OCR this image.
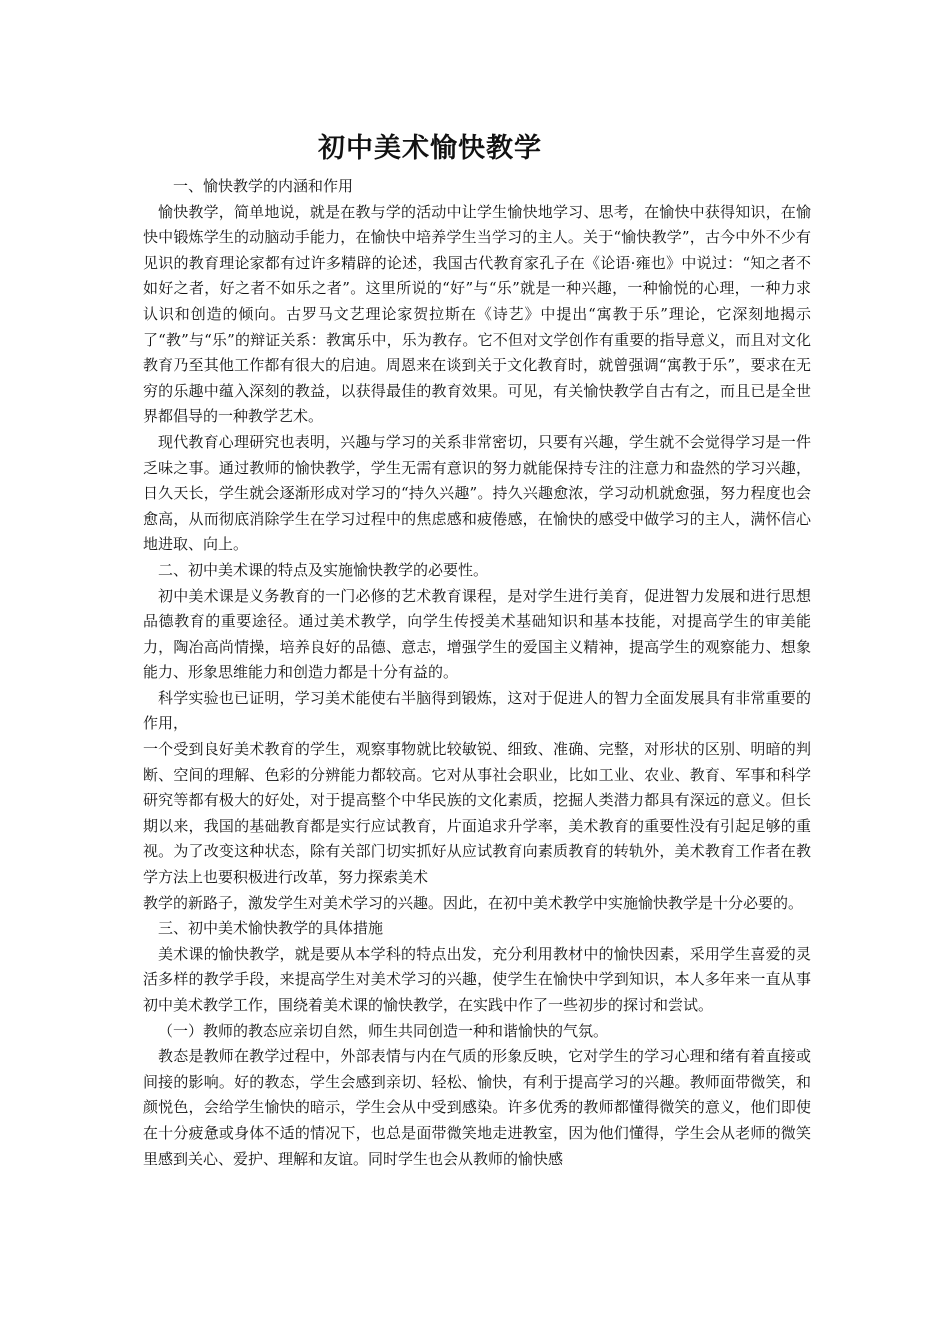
初中美术愉快教学

一、愉快教学的内涵和作用

愉快教学，简单地说，就是在教与学的活动中让学生愉快地学习、思考，在愉快中获得知识，在愉快中锻炼学生的动脑动手能力，在愉快中培养学生当学习的主人。关于“愉快教学”，古今中外不少有见识的教育理论家都有过许多精辟的论述，我国古代教育家孔子在《论语·雍也》中说过：“知之者不如好之者，好之者不如乐之者”。这里所说的“好”与“乐”就是一种兴趣，一种愉悦的心理，一种力求认识和创造的倾向。古罗马文艺理论家贺拉斯在《诗艺》中提出“寓教于乐”理论，它深刻地揭示了“教”与“乐”的辩证关系：教寓乐中，乐为教存。它不但对文学创作有重要的指导意义，而且对文化教育乃至其他工作都有很大的启迪。周恩来在谈到关于文化教育时，就曾强调“寓教于乐”，要求在无穷的乐趣中蕴入深刻的教益，以获得最佳的教育效果。可见，有关愉快教学自古有之，而且已是全世界都倡导的一种教学艺术。

现代教育心理研究也表明，兴趣与学习的关系非常密切，只要有兴趣，学生就不会觉得学习是一件乏味之事。通过教师的愉快教学，学生无需有意识的努力就能保持专注的注意力和盎然的学习兴趣，日久天长，学生就会逐渐形成对学习的“持久兴趣”。持久兴趣愈浓，学习动机就愈强，努力程度也会愈高，从而彻底消除学生在学习过程中的焦虑感和疲倦感，在愉快的感受中做学习的主人，满怀信心地进取、向上。

二、初中美术课的特点及实施愉快教学的必要性。

初中美术课是义务教育的一门必修的艺术教育课程，是对学生进行美育，促进智力发展和进行思想品德教育的重要途径。通过美术教学，向学生传授美术基础知识和基本技能，对提高学生的审美能力，陶冶高尚情操，培养良好的品德、意志，增强学生的爱国主义精神，提高学生的观察能力、想象能力、形象思维能力和创造力都是十分有益的。

科学实验也已证明，学习美术能使右半脑得到锻炼，这对于促进人的智力全面发展具有非常重要的作用，

一个受到良好美术教育的学生，观察事物就比较敏锐、细致、准确、完整，对形状的区别、明暗的判断、空间的理解、色彩的分辨能力都较高。它对从事社会职业，比如工业、农业、教育、军事和科学研究等都有极大的好处，对于提高整个中华民族的文化素质，挖掘人类潜力都具有深远的意义。但长期以来，我国的基础教育都是实行应试教育，片面追求升学率，美术教育的重要性没有引起足够的重视。为了改变这种状态，除有关部门切实抓好从应试教育向素质教育的转轨外，美术教育工作者在教学方法上也要积极进行改革，努力探索美术

教学的新路子，激发学生对美术学习的兴趣。因此，在初中美术教学中实施愉快教学是十分必要的。

三、初中美术愉快教学的具体措施

美术课的愉快教学，就是要从本学科的特点出发，充分利用教材中的愉快因素，采用学生喜爱的灵活多样的教学手段，来提高学生对美术学习的兴趣，使学生在愉快中学到知识，本人多年来一直从事初中美术教学工作，围绕着美术课的愉快教学，在实践中作了一些初步的探讨和尝试。

（一）教师的教态应亲切自然，师生共同创造一种和谐愉快的气氛。

教态是教师在教学过程中，外部表情与内在气质的形象反映，它对学生的学习心理和绪有着直接或间接的影响。好的教态，学生会感到亲切、轻松、愉快，有利于提高学习的兴趣。教师面带微笑，和颜悦色，会给学生愉快的暗示，学生会从中受到感染。许多优秀的教师都懂得微笑的意义，他们即使在十分疲惫或身体不适的情况下，也总是面带微笑地走进教室，因为他们懂得，学生会从老师的微笑里感到关心、爱护、理解和友谊。同时学生也会从教师的愉快感
